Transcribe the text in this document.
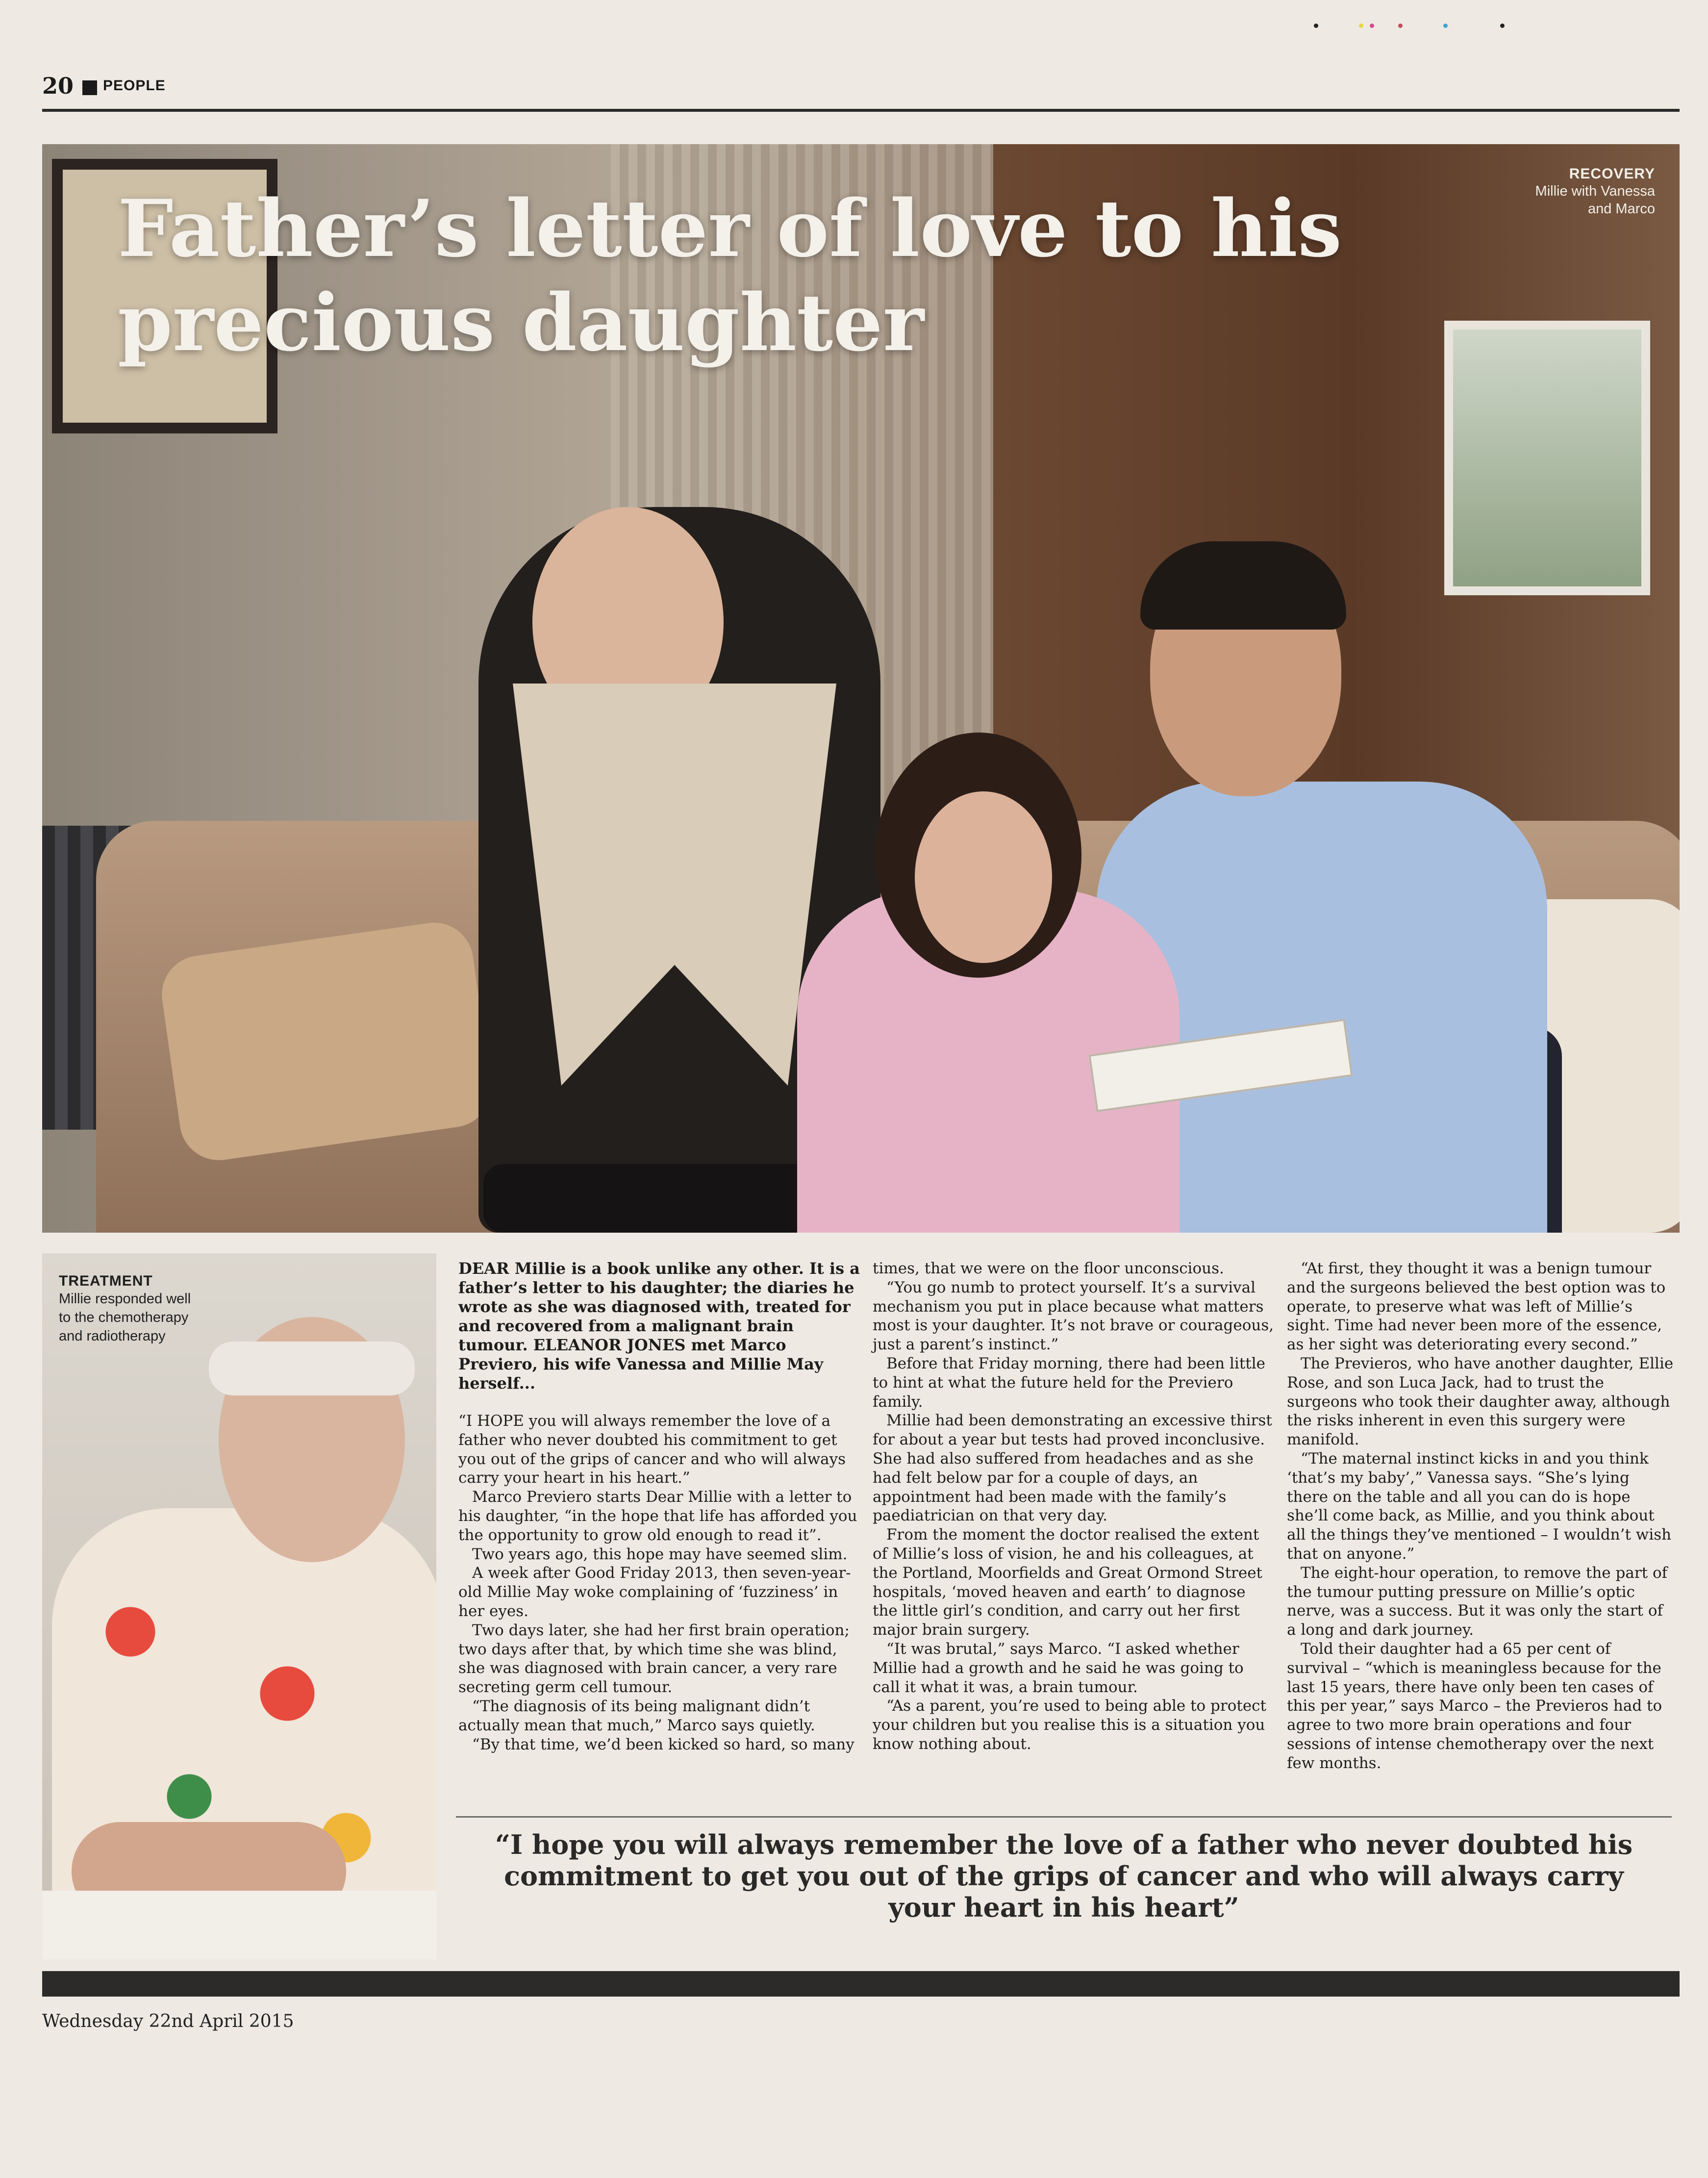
20 PEOPLE
Father’s letter of love to his
precious daughter
RECOVERY
Millie with Vanessa
and Marco
TREATMENT
Millie responded well
to the chemotherapy
and radiotherapy

DEAR Millie is a book unlike any other. It is a father’s letter to his daughter; the diaries he wrote as she was diagnosed with, treated for and recovered from a malignant brain tumour. ELEANOR JONES met Marco Previero, his wife Vanessa and Millie May herself...

“I HOPE you will always remember the love of a father who never doubted his commitment to get you out of the grips of cancer and who will always carry your heart in his heart.”

Marco Previero starts Dear Millie with a letter to his daughter, “in the hope that life has afforded you the opportunity to grow old enough to read it”.

Two years ago, this hope may have seemed slim.

A week after Good Friday 2013, then seven-year-old Millie May woke complaining of ‘fuzziness’ in her eyes.

Two days later, she had her first brain operation; two days after that, by which time she was blind, she was diagnosed with brain cancer, a very rare secreting germ cell tumour.

“The diagnosis of its being malignant didn’t actually mean that much,” Marco says quietly.

“By that time, we’d been kicked so hard, so many

times, that we were on the floor unconscious.

“You go numb to protect yourself. It’s a survival mechanism you put in place because what matters most is your daughter. It’s not brave or courageous, just a parent’s instinct.”

Before that Friday morning, there had been little to hint at what the future held for the Previero family.

Millie had been demonstrating an excessive thirst for about a year but tests had proved inconclusive. She had also suffered from headaches and as she had felt below par for a couple of days, an appointment had been made with the family’s paediatrician on that very day.

From the moment the doctor realised the extent of Millie’s loss of vision, he and his colleagues, at the Portland, Moorfields and Great Ormond Street hospitals, ‘moved heaven and earth’ to diagnose the little girl’s condition, and carry out her first major brain surgery.

“It was brutal,” says Marco. “I asked whether Millie had a growth and he said he was going to call it what it was, a brain tumour.

“As a parent, you’re used to being able to protect your children but you realise this is a situation you know nothing about.

“At first, they thought it was a benign tumour and the surgeons believed the best option was to operate, to preserve what was left of Millie’s sight. Time had never been more of the essence, as her sight was deteriorating every second.”

The Previeros, who have another daughter, Ellie Rose, and son Luca Jack, had to trust the surgeons who took their daughter away, although the risks inherent in even this surgery were manifold.

“The maternal instinct kicks in and you think ‘that’s my baby’,” Vanessa says. “She’s lying there on the table and all you can do is hope she’ll come back, as Millie, and you think about all the things they’ve mentioned – I wouldn’t wish that on anyone.”

The eight-hour operation, to remove the part of the tumour putting pressure on Millie’s optic nerve, was a success. But it was only the start of a long and dark journey.

Told their daughter had a 65 per cent of survival – “which is meaningless because for the last 15 years, there have only been ten cases of this per year,” says Marco – the Previeros had to agree to two more brain operations and four sessions of intense chemotherapy over the next few months.

“I hope you will always remember the love of a father who never doubted his commitment to get you out of the grips of cancer and who will always carry your heart in his heart”
Wednesday 22nd April 2015
